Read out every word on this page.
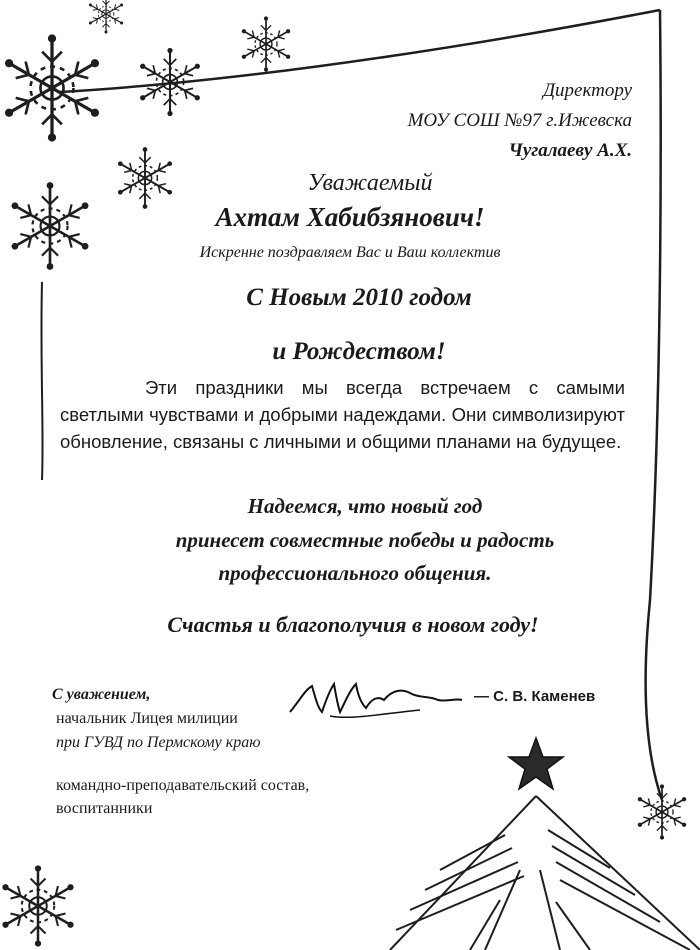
Директору
МОУ СОШ №97 г.Ижевска
Чугалаеву А.Х.
Уважаемый
Ахтам Хабибзянович!
Искренне поздравляем Вас и Ваш коллектив
С Новым 2010 годом
и Рождеством!
Эти праздники мы всегда встречаем с самыми светлыми чувствами и добрыми надеждами. Они символизируют обновление, связаны с личными и общими планами на будущее.
Надеемся, что новый год
принесет совместные победы и радость
профессионального общения.
Счастья и благополучия в новом году!
С уважением,
начальник Лицея милиции
при ГУВД по Пермскому краю
— С. В. Каменев
командно-преподавательский состав,
воспитанники
